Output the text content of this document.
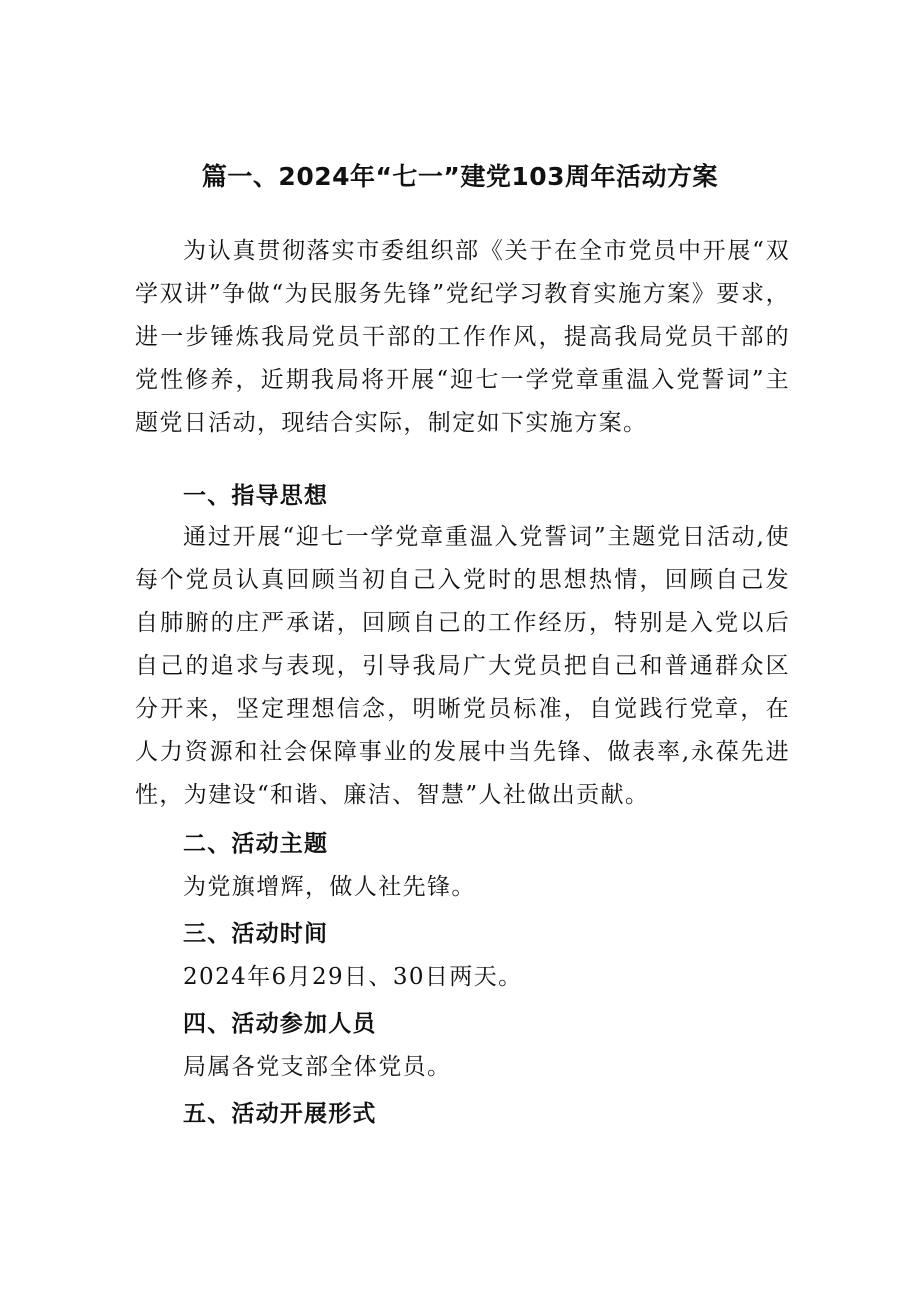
篇一、2024年“七一”建党103周年活动方案
为认真贯彻落实市委组织部《关于在全市党员中开展“双学双讲”争做“为民服务先锋”党纪学习教育实施方案》要求，进一步锤炼我局党员干部的工作作风，提高我局党员干部的党性修养，近期我局将开展“迎七一学党章重温入党誓词”主题党日活动，现结合实际，制定如下实施方案。
一、指导思想
通过开展“迎七一学党章重温入党誓词”主题党日活动,使每个党员认真回顾当初自己入党时的思想热情，回顾自己发自肺腑的庄严承诺，回顾自己的工作经历，特别是入党以后自己的追求与表现，引导我局广大党员把自己和普通群众区分开来，坚定理想信念，明晰党员标准，自觉践行党章，在人力资源和社会保障事业的发展中当先锋、做表率,永葆先进性，为建设“和谐、廉洁、智慧”人社做出贡献。
二、活动主题
为党旗增辉，做人社先锋。
三、活动时间
2024年6月29日、30日两天。
四、活动参加人员
局属各党支部全体党员。
五、活动开展形式
